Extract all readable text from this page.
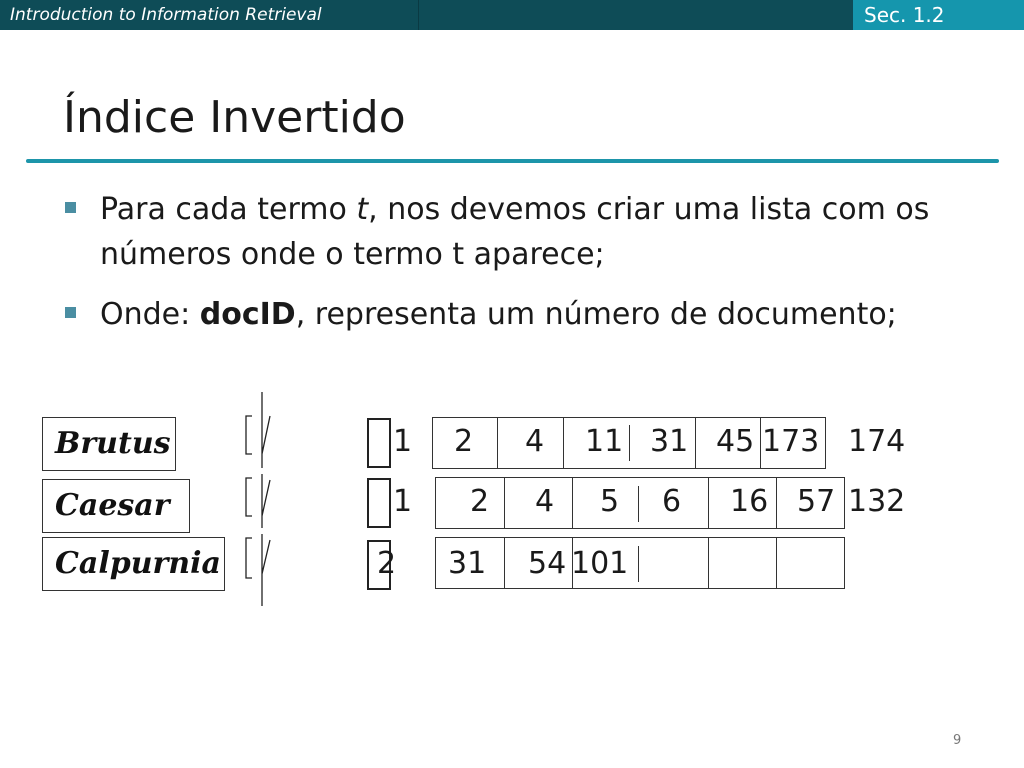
Introduction to Information Retrieval	Sec. 1.2
Índice Invertido
Para cada termo t, nos devemos criar uma lista com os números onde o termo t aparece;
Onde: docID, representa um número de documento;
Brutus
Caesar
Calpurnia
1 2 4 11 31 45 173 174
1 2 4 5 6 16 57 132
2 31 54 101
9
